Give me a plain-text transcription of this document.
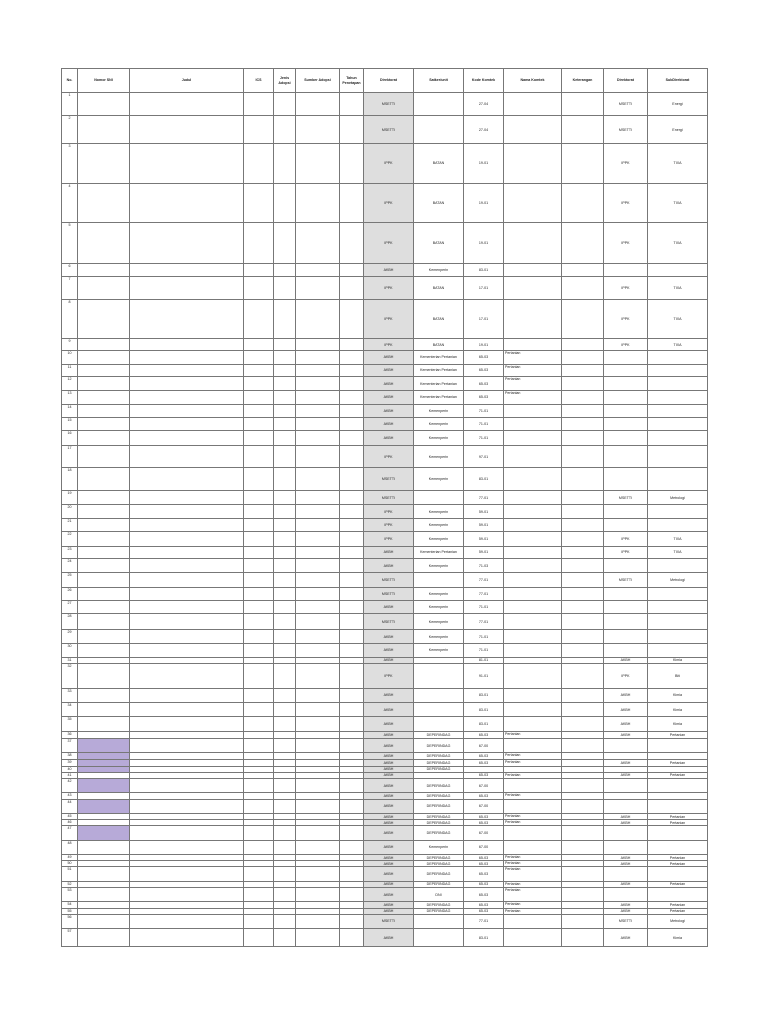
No.	Nomor SNI	Judul	ICS	Jenis Adopsi	Sumber Adopsi	Tahun Penetapan	Direktorat	Satker/unit	Kode Komtek	Nama Komtek	Keterangan	Direktorat	SubDirektorat
1							MSETTI		27-04			MSETTI	Energi
2							MSETTI		27-04			MSETTI	Energi
3							IPPK	BATAN	19-01			IPPK	TIXA
4							IPPK	BATAN	19-01			IPPK	TIXA
5							IPPK	BATAN	19-01			IPPK	TIXA
6							AKBH	Kemenperin	83-01				
7							IPPK	BATAN	17-01			IPPK	TIXA
8							IPPK	BATAN	17-01			IPPK	TIXA
9							IPPK	BATAN	19-01			IPPK	TIXA
10							AKBH	Kementerian Pertanian	65-03	Pertanian			
11							AKBH	Kementerian Pertanian	65-03	Pertanian			
12							AKBH	Kementerian Pertanian	65-03	Pertanian			
13							AKBH	Kementerian Pertanian	65-03	Pertanian			
14							AKBH	Kemenperin	71-01				
15							AKBH	Kemenperin	71-01				
16							AKBH	Kemenperin	71-01				
17							IPPK	Kemenperin	97-01				
18							MSETTI	Kemenperin	83-01				
19							MSETTI		77-01			MSETTI	Metrologi
20							IPPK	Kemenperin	59-01				
21							IPPK	Kemenperin	59-01				
22							IPPK	Kemenperin	59-01			IPPK	TIXA
23							AKBH	Kementerian Pertanian	59-01			IPPK	TIXA
24							AKBH	Kemenperin	71-03				
25							MSETTI		77-01			MSETTI	Metrologi
26							MSETTI	Kemenperin	77-01				
27							AKBH	Kemenperin	71-01				
28							MSETTI	Kemenperin	77-01				
29							AKBH	Kemenperin	71-01				
30							AKBH	Kemenperin	71-01				
31							AKBH		81-01			AKBH	Kimia
32							IPPK		91-01			IPPK	Biti
33							AKBH		83-01			AKBH	Kimia
34							AKBH		83-01			AKBH	Kimia
35							AKBH		83-01			AKBH	Kimia
36							AKBH	DEPERINDAG	65-03	Pertanian		AKBH	Pertanian
37							AKBH	DEPERINDAG	67-00				
38							AKBH	DEPERINDAG	65-03	Pertanian			
39							AKBH	DEPERINDAG	65-03	Pertanian		AKBH	Pertanian
40							AKBH	DEPERINDAG					
41							AKBH		65-03	Pertanian		AKBH	Pertanian
42							AKBH	DEPERINDAG	67-00				
43							AKBH	DEPERINDAG	65-03	Pertanian			
44							AKBH	DEPERINDAG	67-00				
45							AKBH	DEPERINDAG	65-03	Pertanian		AKBH	Pertanian
46							AKBH	DEPERINDAG	65-03	Pertanian		AKBH	Pertanian
47							AKBH	DEPERINDAG	67-00				
48							AKBH	Kemenperin	67-00				
49							AKBH	DEPERINDAG	65-03	Pertanian		AKBH	Pertanian
50							AKBH	DEPERINDAG	65-03	Pertanian		AKBH	Pertanian
51							AKBH	DEPERINDAG	65-03	Pertanian			
52							AKBH	DEPERINDAG	65-03	Pertanian		AKBH	Pertanian
53							AKBH	DNI	65-03	Pertanian			
54							AKBH	DEPERINDAG	65-03	Pertanian		AKBH	Pertanian
55							AKBH	DEPERINDAG	65-03	Pertanian		AKBH	Pertanian
56							MSETTI		77-01			MSETTI	Metrologi
57							AKBH		83-01			AKBH	Kimia
